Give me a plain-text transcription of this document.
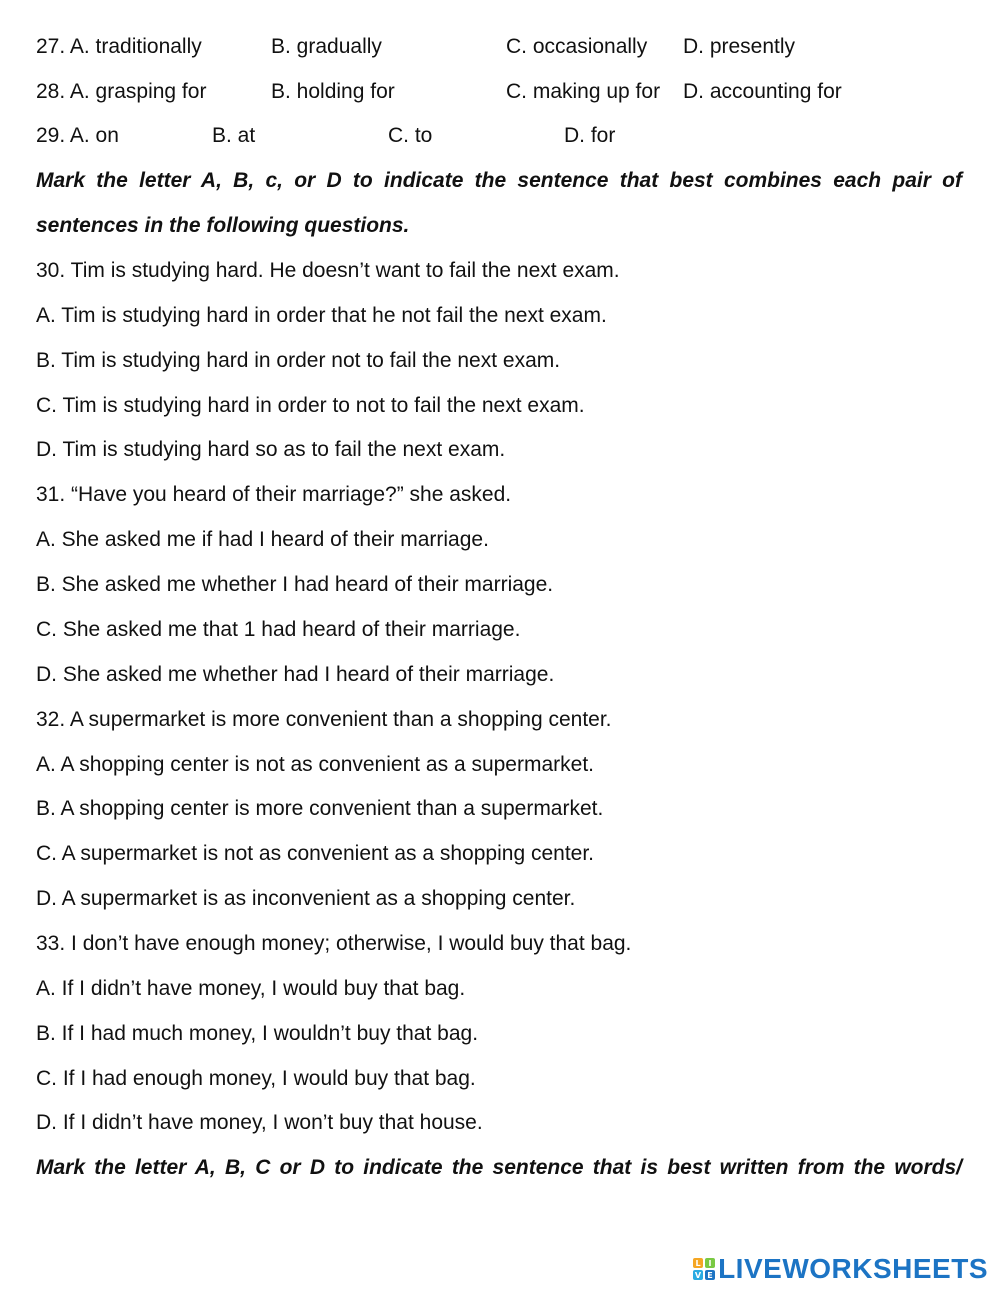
27. A. traditionally	B. gradually	C. occasionally D. presently
28. A. grasping for	B. holding for	C. making up for D. accounting for
29. A. on	B. at	C. to	D. for
Mark the letter A, B, c, or D to indicate the sentence that best combines each pair of
sentences in the following questions.
30. Tim is studying hard. He doesn’t want to fail the next exam.
A. Tim is studying hard in order that he not fail the next exam.
B. Tim is studying hard in order not to fail the next exam.
C. Tim is studying hard in order to not to fail the next exam.
D. Tim is studying hard so as to fail the next exam.
31. “Have you heard of their marriage?” she asked.
A. She asked me if had I heard of their marriage.
B. She asked me whether I had heard of their marriage.
C. She asked me that 1 had heard of their marriage.
D. She asked me whether had I heard of their marriage.
32. A supermarket is more convenient than a shopping center.
A. A shopping center is not as convenient as a supermarket.
B. A shopping center is more convenient than a supermarket.
C. A supermarket is not as convenient as a shopping center.
D. A supermarket is as inconvenient as a shopping center.
33. I don’t have enough money; otherwise, I would buy that bag.
A. If I didn’t have money, I would buy that bag.
B. If I had much money, I wouldn’t buy that bag.
C. If I had enough money, I would buy that bag.
D. If I didn’t have money, I won’t buy that house.
Mark the letter A, B, C or D to indicate the sentence that is best written from the words/
L I
V E LIVEWORKSHEETS
